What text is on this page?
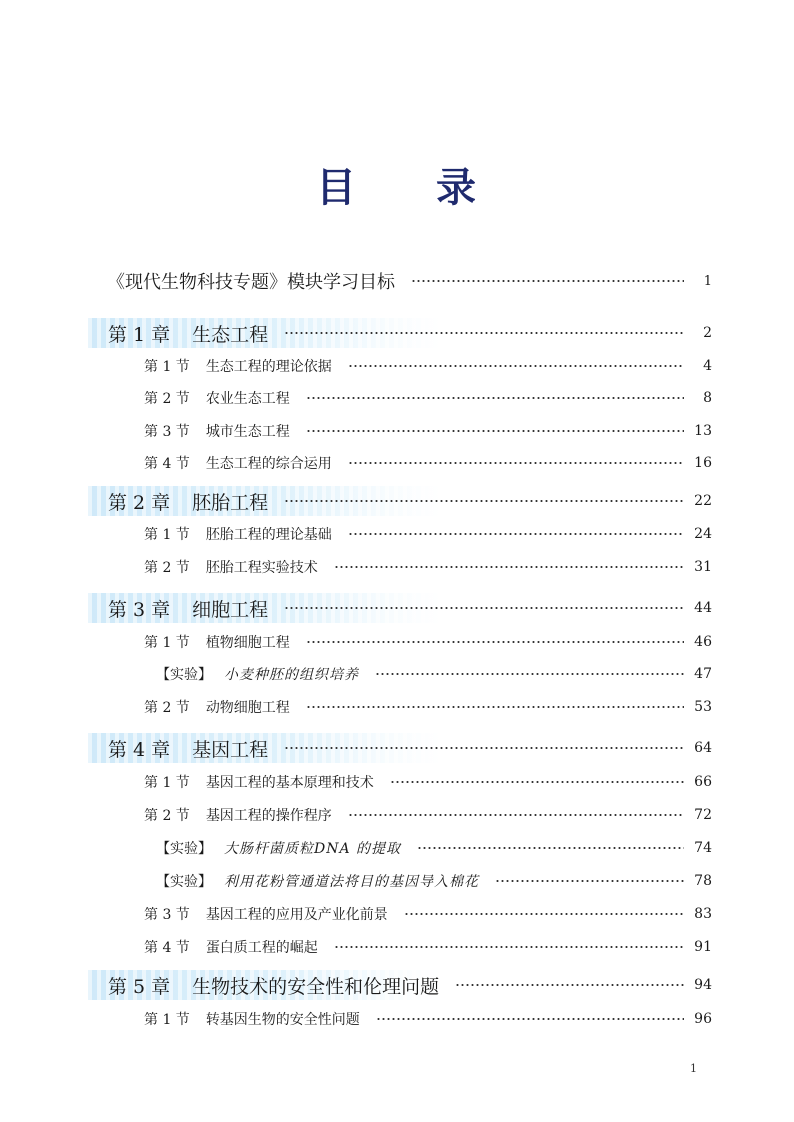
目 录
《现代生物科技专题》模块学习目标	1
第 1 章 生态工程	2
第 1 节 生态工程的理论依据	4
第 2 节 农业生态工程	8
第 3 节 城市生态工程	13
第 4 节 生态工程的综合运用	16
第 2 章 胚胎工程	22
第 1 节 胚胎工程的理论基础	24
第 2 节 胚胎工程实验技术	31
第 3 章 细胞工程	44
第 1 节 植物细胞工程	46
【实验】 小麦种胚的组织培养	47
第 2 节 动物细胞工程	53
第 4 章 基因工程	64
第 1 节 基因工程的基本原理和技术	66
第 2 节 基因工程的操作程序	72
【实验】 大肠杆菌质粒DNA 的提取	74
【实验】 利用花粉管通道法将目的基因导入棉花	78
第 3 节 基因工程的应用及产业化前景	83
第 4 节 蛋白质工程的崛起	91
第 5 章 生物技术的安全性和伦理问题	94
第 1 节 转基因生物的安全性问题	96
1
